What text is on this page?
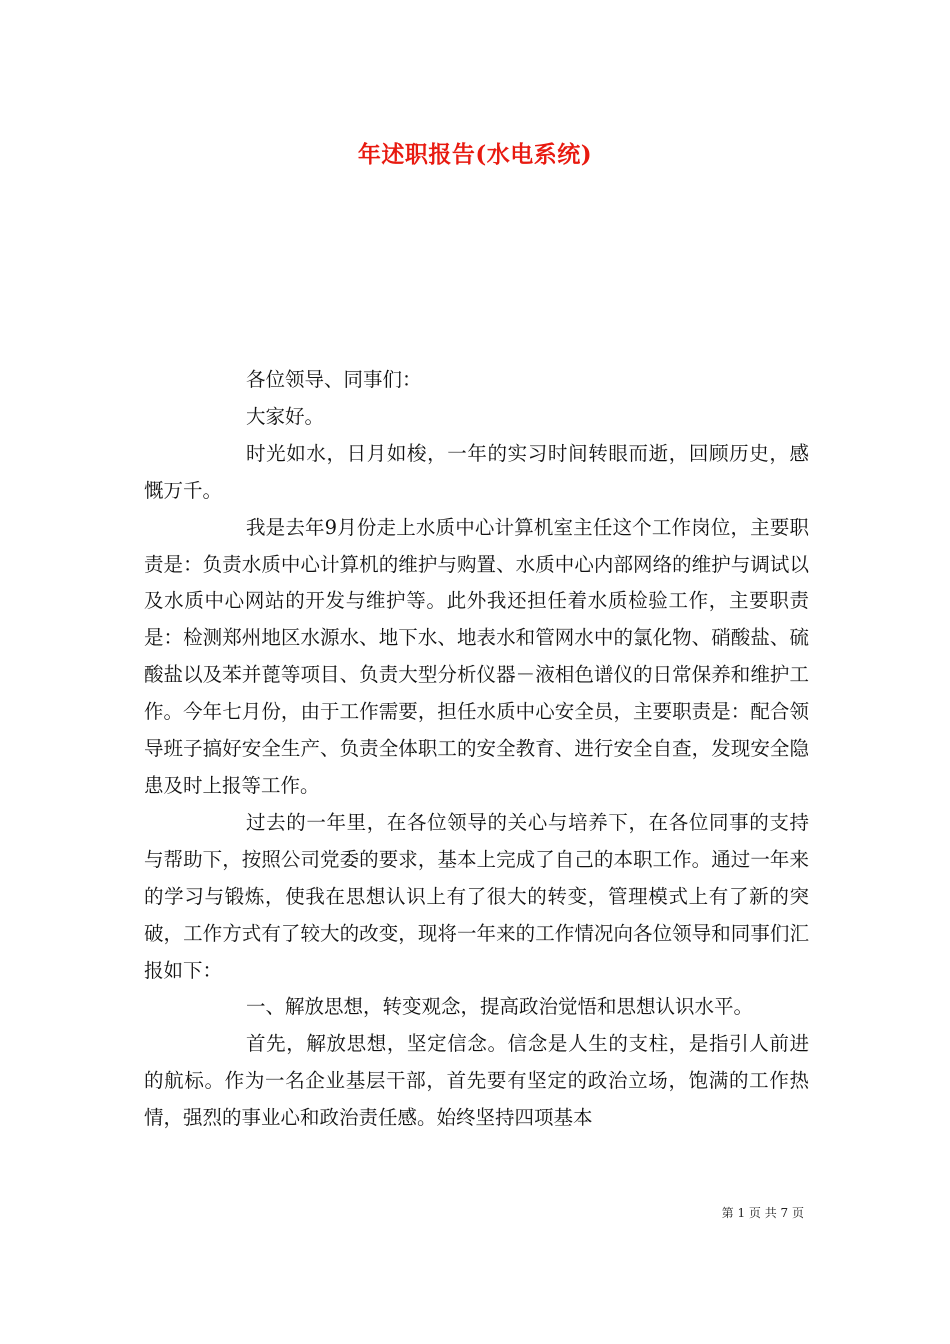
年述职报告(水电系统)

各位领导、同事们：

大家好。

时光如水，日月如梭，一年的实习时间转眼而逝，回顾历史，感慨万千。

我是去年9月份走上水质中心计算机室主任这个工作岗位，主要职责是：负责水质中心计算机的维护与购置、水质中心内部网络的维护与调试以及水质中心网站的开发与维护等。此外我还担任着水质检验工作，主要职责是：检测郑州地区水源水、地下水、地表水和管网水中的氯化物、硝酸盐、硫酸盐以及苯并蓖等项目、负责大型分析仪器－液相色谱仪的日常保养和维护工作。今年七月份，由于工作需要，担任水质中心安全员，主要职责是：配合领导班子搞好安全生产、负责全体职工的安全教育、进行安全自查，发现安全隐患及时上报等工作。

过去的一年里，在各位领导的关心与培养下，在各位同事的支持与帮助下，按照公司党委的要求，基本上完成了自己的本职工作。通过一年来的学习与锻炼，使我在思想认识上有了很大的转变，管理模式上有了新的突破，工作方式有了较大的改变，现将一年来的工作情况向各位领导和同事们汇报如下：

一、解放思想，转变观念，提高政治觉悟和思想认识水平。

首先，解放思想，坚定信念。信念是人生的支柱，是指引人前进的航标。作为一名企业基层干部，首先要有坚定的政治立场，饱满的工作热情，强烈的事业心和政治责任感。始终坚持四项基本

第 1 页 共 7 页
